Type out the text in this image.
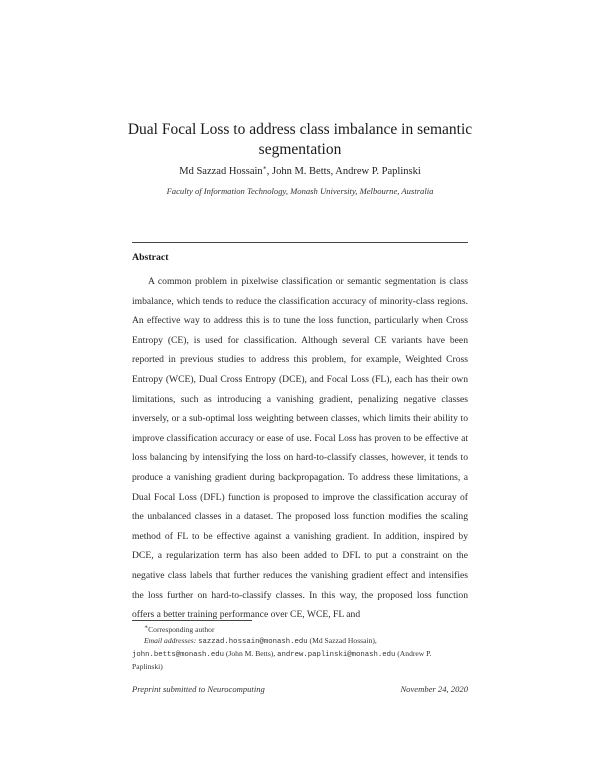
Dual Focal Loss to address class imbalance in semantic segmentation
Md Sazzad Hossain∗, John M. Betts, Andrew P. Paplinski
Faculty of Information Technology, Monash University, Melbourne, Australia
Abstract

A common problem in pixelwise classification or semantic segmentation is class imbalance, which tends to reduce the classification accuracy of minority-class regions. An effective way to address this is to tune the loss function, particularly when Cross Entropy (CE), is used for classification. Although several CE variants have been reported in previous studies to address this problem, for example, Weighted Cross Entropy (WCE), Dual Cross Entropy (DCE), and Focal Loss (FL), each has their own limitations, such as introducing a vanishing gradient, penalizing negative classes inversely, or a sub-optimal loss weighting between classes, which limits their ability to improve classification accuracy or ease of use. Focal Loss has proven to be effective at loss balancing by intensifying the loss on hard-to-classify classes, however, it tends to produce a vanishing gradient during backpropagation. To address these limitations, a Dual Focal Loss (DFL) function is proposed to improve the classification accuray of the unbalanced classes in a dataset. The proposed loss function modifies the scaling method of FL to be effective against a vanishing gradient. In addition, inspired by DCE, a regularization term has also been added to DFL to put a constraint on the negative class labels that further reduces the vanishing gradient effect and intensifies the loss further on hard-to-classify classes. In this way, the proposed loss function offers a better training performance over CE, WCE, FL and

∗Corresponding author
Email addresses: sazzad.hossain@monash.edu (Md Sazzad Hossain),
john.betts@monash.edu (John M. Betts), andrew.paplinski@monash.edu (Andrew P.
Paplinski)
Preprint submitted to Neurocomputing	November 24, 2020
